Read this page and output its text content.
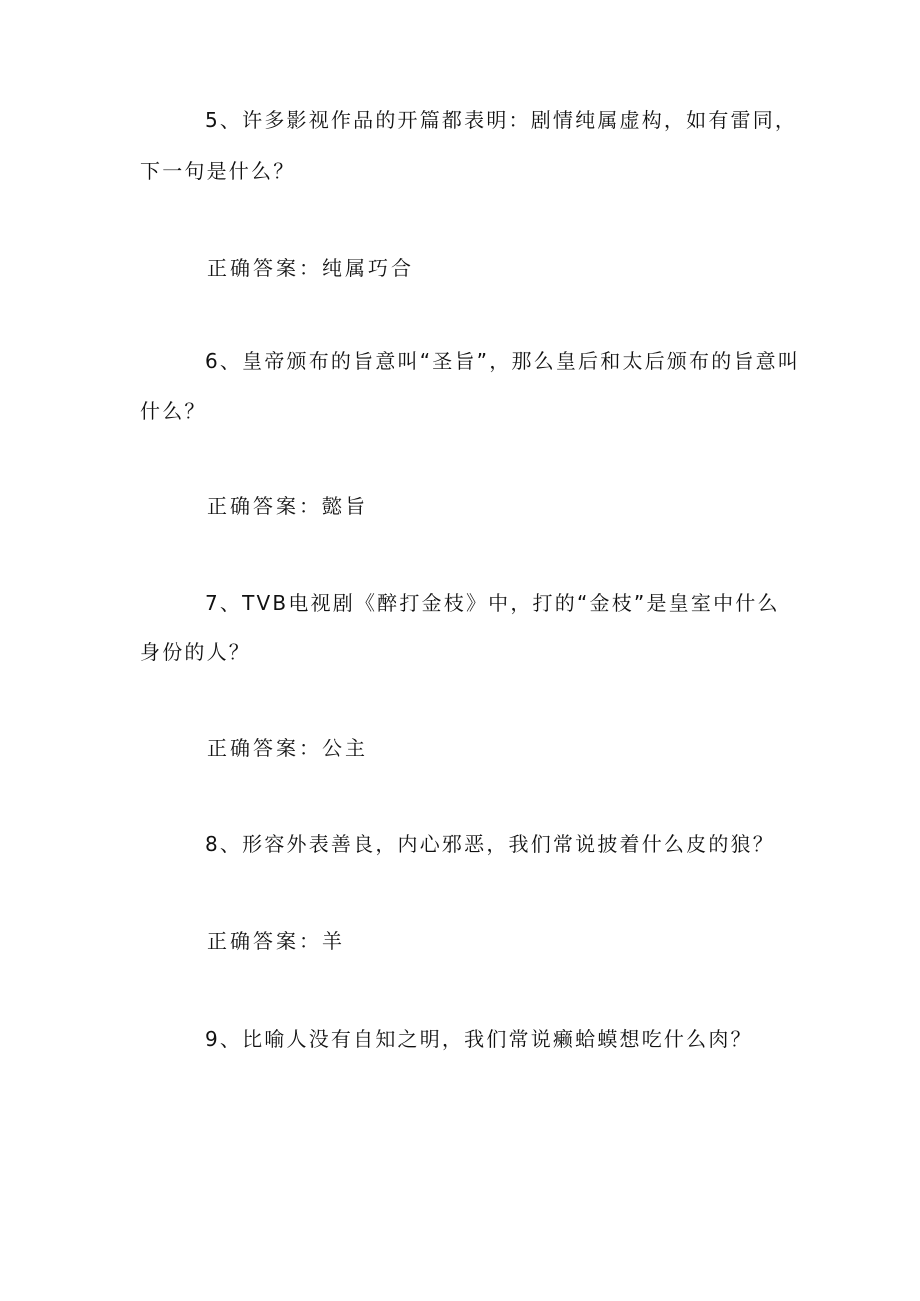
5、许多影视作品的开篇都表明：剧情纯属虚构，如有雷同，
下一句是什么？
正确答案：纯属巧合
6、皇帝颁布的旨意叫“圣旨”，那么皇后和太后颁布的旨意叫
什么？
正确答案：懿旨
7、TVB电视剧《醉打金枝》中，打的“金枝”是皇室中什么
身份的人？
正确答案：公主
8、形容外表善良，内心邪恶，我们常说披着什么皮的狼？
正确答案：羊
9、比喻人没有自知之明，我们常说癞蛤蟆想吃什么肉？
